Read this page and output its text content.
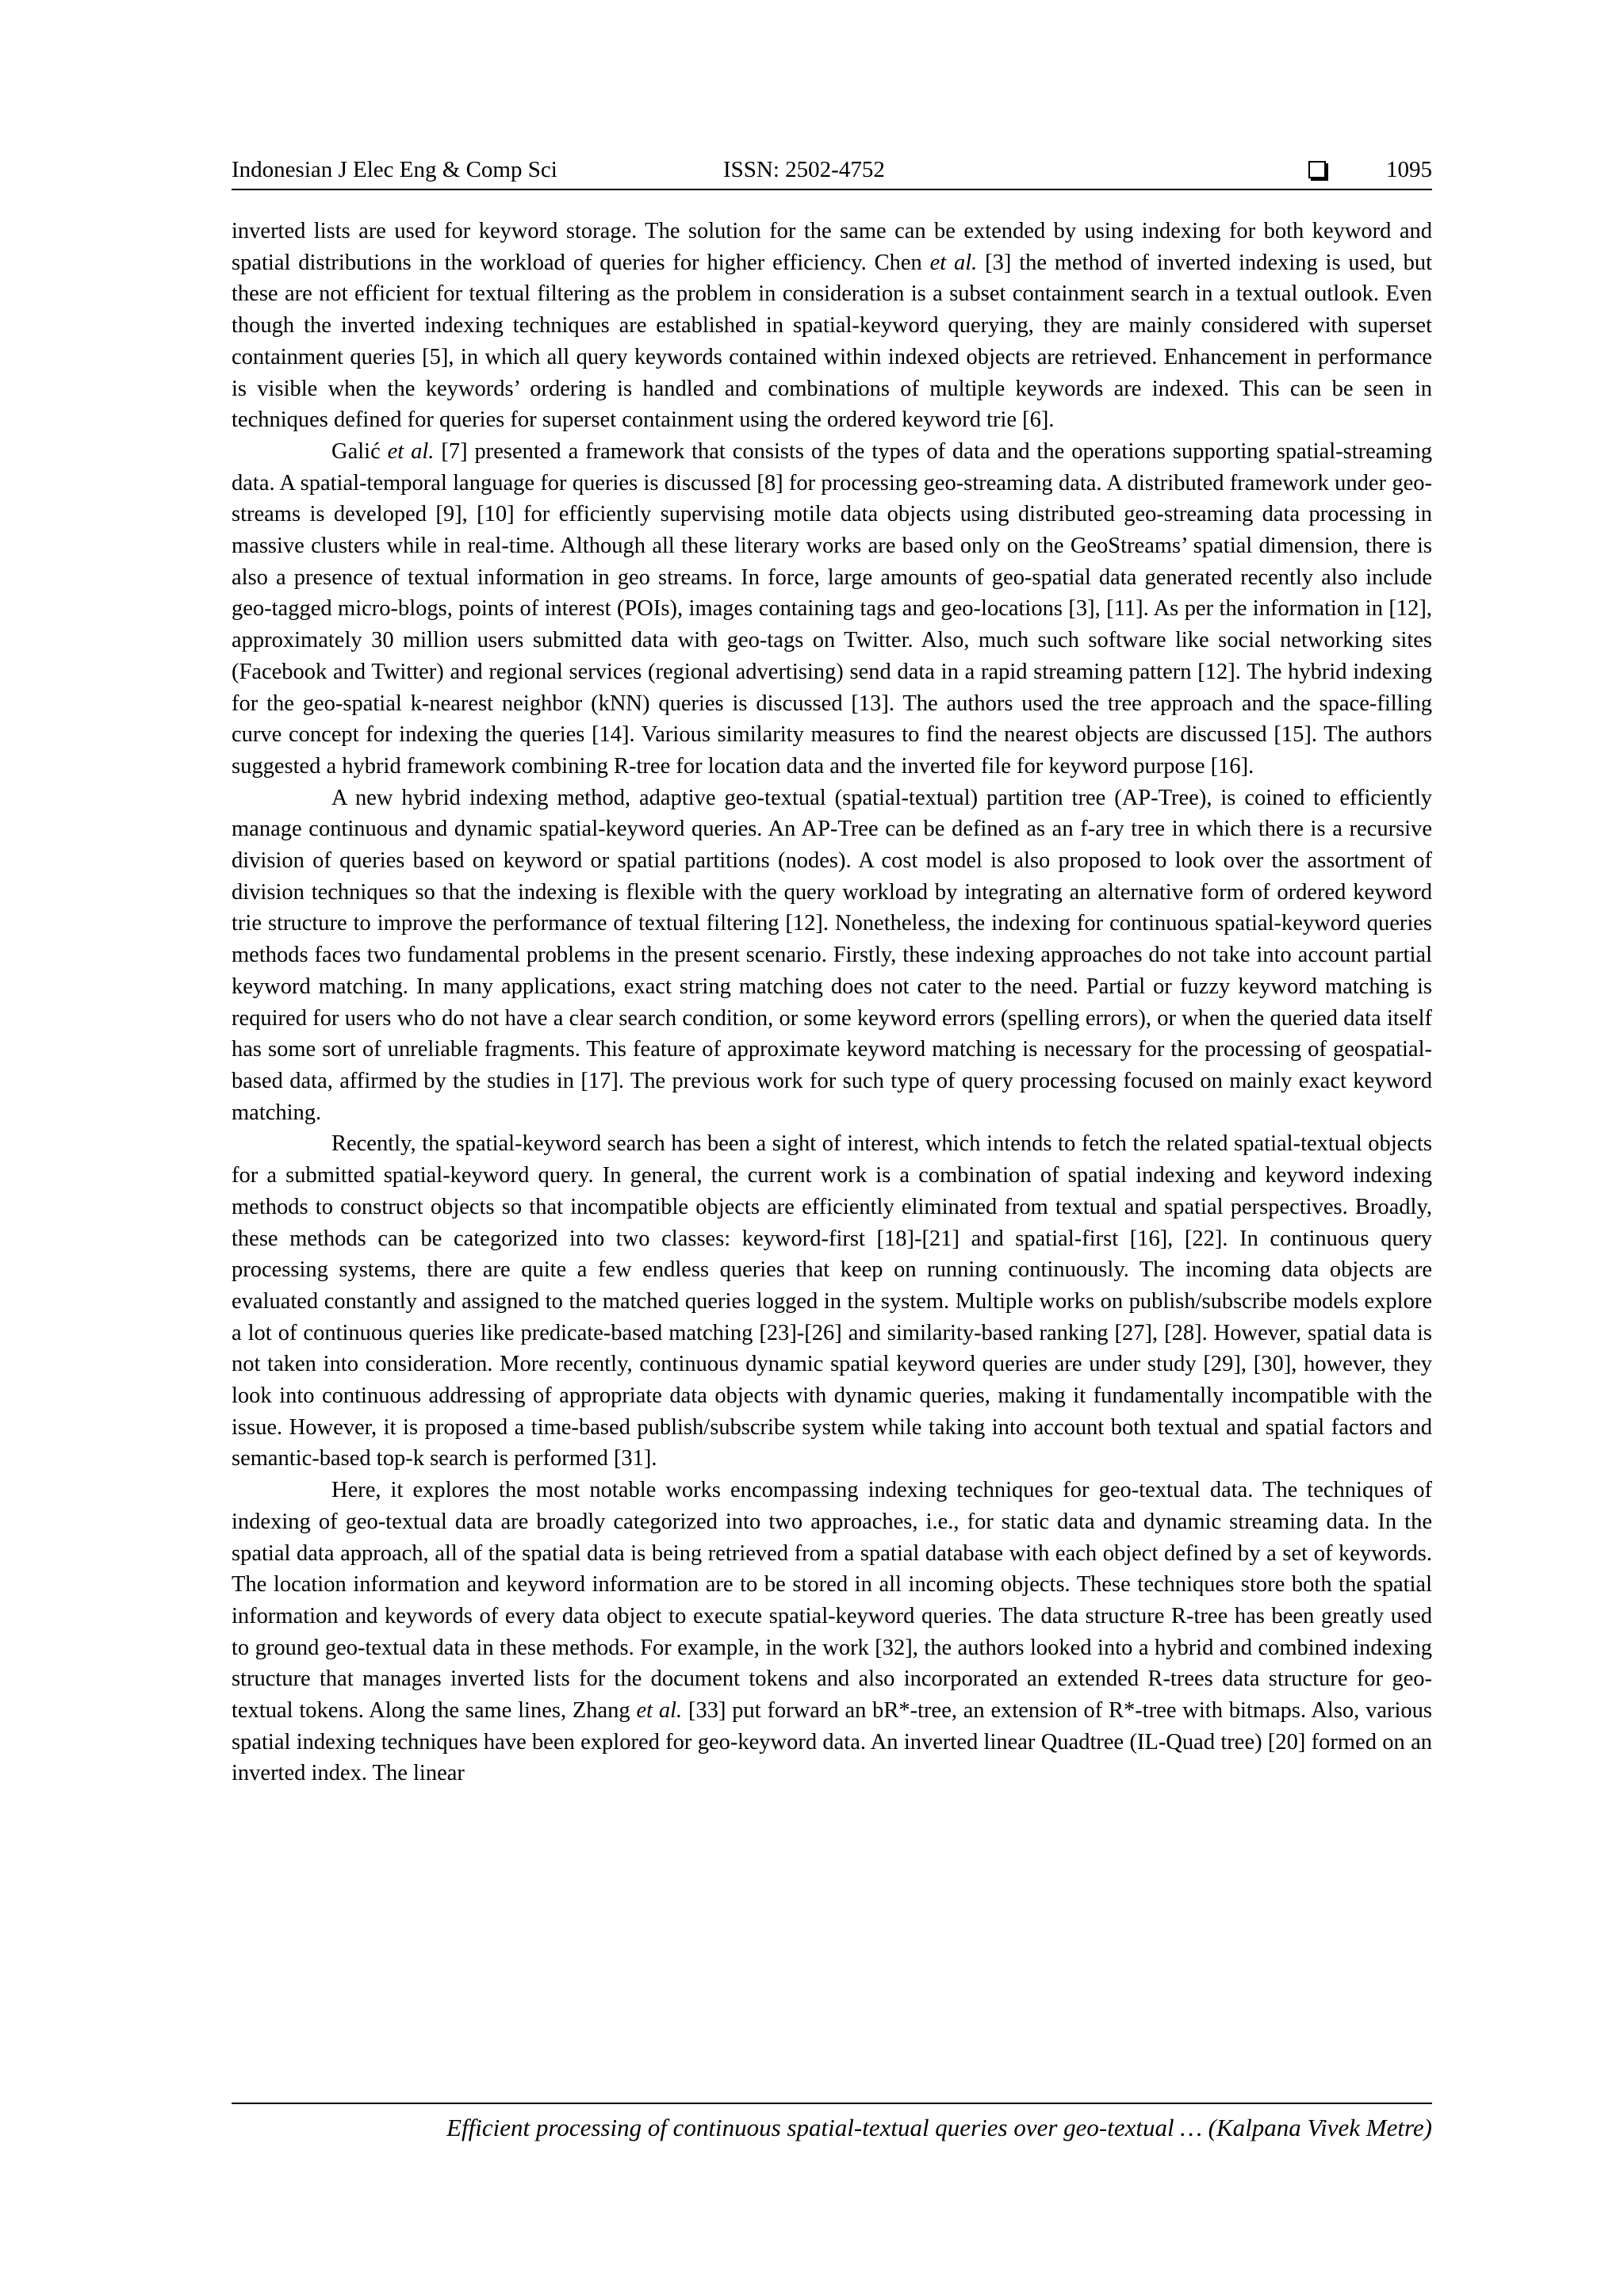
Indonesian J Elec Eng & Comp Sci	ISSN: 2502-4752	1095

inverted lists are used for keyword storage. The solution for the same can be extended by using indexing for both keyword and spatial distributions in the workload of queries for higher efficiency. Chen et al. [3] the method of inverted indexing is used, but these are not efficient for textual filtering as the problem in consideration is a subset containment search in a textual outlook. Even though the inverted indexing techniques are established in spatial-keyword querying, they are mainly considered with superset containment queries [5], in which all query keywords contained within indexed objects are retrieved. Enhancement in performance is visible when the keywords’ ordering is handled and combinations of multiple keywords are indexed. This can be seen in techniques defined for queries for superset containment using the ordered keyword trie [6].

Galić et al. [7] presented a framework that consists of the types of data and the operations supporting spatial-streaming data. A spatial-temporal language for queries is discussed [8] for processing geo-streaming data. A distributed framework under geo-streams is developed [9], [10] for efficiently supervising motile data objects using distributed geo-streaming data processing in massive clusters while in real-time. Although all these literary works are based only on the GeoStreams’ spatial dimension, there is also a presence of textual information in geo streams. In force, large amounts of geo-spatial data generated recently also include geo-tagged micro-blogs, points of interest (POIs), images containing tags and geo-locations [3], [11]. As per the information in [12], approximately 30 million users submitted data with geo-tags on Twitter. Also, much such software like social networking sites (Facebook and Twitter) and regional services (regional advertising) send data in a rapid streaming pattern [12]. The hybrid indexing for the geo-spatial k-nearest neighbor (kNN) queries is discussed [13]. The authors used the tree approach and the space-filling curve concept for indexing the queries [14]. Various similarity measures to find the nearest objects are discussed [15]. The authors suggested a hybrid framework combining R-tree for location data and the inverted file for keyword purpose [16].

A new hybrid indexing method, adaptive geo-textual (spatial-textual) partition tree (AP-Tree), is coined to efficiently manage continuous and dynamic spatial-keyword queries. An AP-Tree can be defined as an f-ary tree in which there is a recursive division of queries based on keyword or spatial partitions (nodes). A cost model is also proposed to look over the assortment of division techniques so that the indexing is flexible with the query workload by integrating an alternative form of ordered keyword trie structure to improve the performance of textual filtering [12]. Nonetheless, the indexing for continuous spatial-keyword queries methods faces two fundamental problems in the present scenario. Firstly, these indexing approaches do not take into account partial keyword matching. In many applications, exact string matching does not cater to the need. Partial or fuzzy keyword matching is required for users who do not have a clear search condition, or some keyword errors (spelling errors), or when the queried data itself has some sort of unreliable fragments. This feature of approximate keyword matching is necessary for the processing of geospatial-based data, affirmed by the studies in [17]. The previous work for such type of query processing focused on mainly exact keyword matching.

Recently, the spatial-keyword search has been a sight of interest, which intends to fetch the related spatial-textual objects for a submitted spatial-keyword query. In general, the current work is a combination of spatial indexing and keyword indexing methods to construct objects so that incompatible objects are efficiently eliminated from textual and spatial perspectives. Broadly, these methods can be categorized into two classes: keyword-first [18]-[21] and spatial-first [16], [22]. In continuous query processing systems, there are quite a few endless queries that keep on running continuously. The incoming data objects are evaluated constantly and assigned to the matched queries logged in the system. Multiple works on publish/subscribe models explore a lot of continuous queries like predicate-based matching [23]-[26] and similarity-based ranking [27], [28]. However, spatial data is not taken into consideration. More recently, continuous dynamic spatial keyword queries are under study [29], [30], however, they look into continuous addressing of appropriate data objects with dynamic queries, making it fundamentally incompatible with the issue. However, it is proposed a time-based publish/subscribe system while taking into account both textual and spatial factors and semantic-based top-k search is performed [31].

Here, it explores the most notable works encompassing indexing techniques for geo-textual data. The techniques of indexing of geo-textual data are broadly categorized into two approaches, i.e., for static data and dynamic streaming data. In the spatial data approach, all of the spatial data is being retrieved from a spatial database with each object defined by a set of keywords. The location information and keyword information are to be stored in all incoming objects. These techniques store both the spatial information and keywords of every data object to execute spatial-keyword queries. The data structure R-tree has been greatly used to ground geo-textual data in these methods. For example, in the work [32], the authors looked into a hybrid and combined indexing structure that manages inverted lists for the document tokens and also incorporated an extended R-trees data structure for geo-textual tokens. Along the same lines, Zhang et al. [33] put forward an bR*-tree, an extension of R*-tree with bitmaps. Also, various spatial indexing techniques have been explored for geo-keyword data. An inverted linear Quadtree (IL-Quad tree) [20] formed on an inverted index. The linear

Efficient processing of continuous spatial-textual queries over geo-textual … (Kalpana Vivek Metre)
